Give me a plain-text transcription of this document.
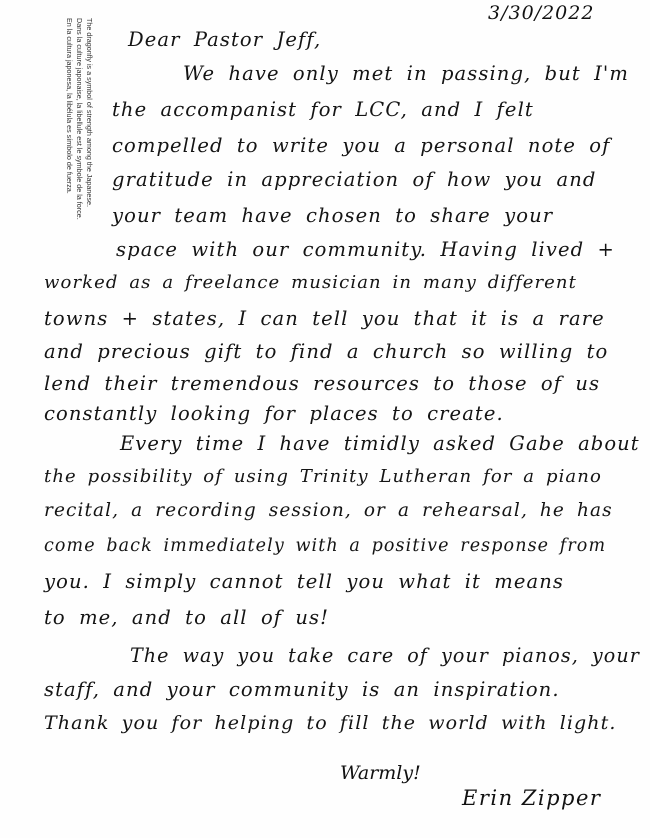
3/30/2022
The dragonfly is a symbol of strength among the Japanese.
Dans la culture japonaise, la libellule est le symbole de la force.
En la cultura japonesa, la libélula es símbolo de fuerza.	Dear Pastor Jeff,
We have only met in passing, but I'm
the accompanist for LCC, and I felt
compelled to write you a personal note of
gratitude in appreciation of how you and
your team have chosen to share your
space with our community. Having lived +
worked as a freelance musician in many different
towns + states, I can tell you that it is a rare
and precious gift to find a church so willing to
lend their tremendous resources to those of us
constantly looking for places to create.
Every time I have timidly asked Gabe about
the possibility of using Trinity Lutheran for a piano
recital, a recording session, or a rehearsal, he has
come back immediately with a positive response from
you. I simply cannot tell you what it means
to me, and to all of us!
The way you take care of your pianos, your
staff, and your community is an inspiration.
Thank you for helping to fill the world with light.
Warmly!
Erin Zipper
